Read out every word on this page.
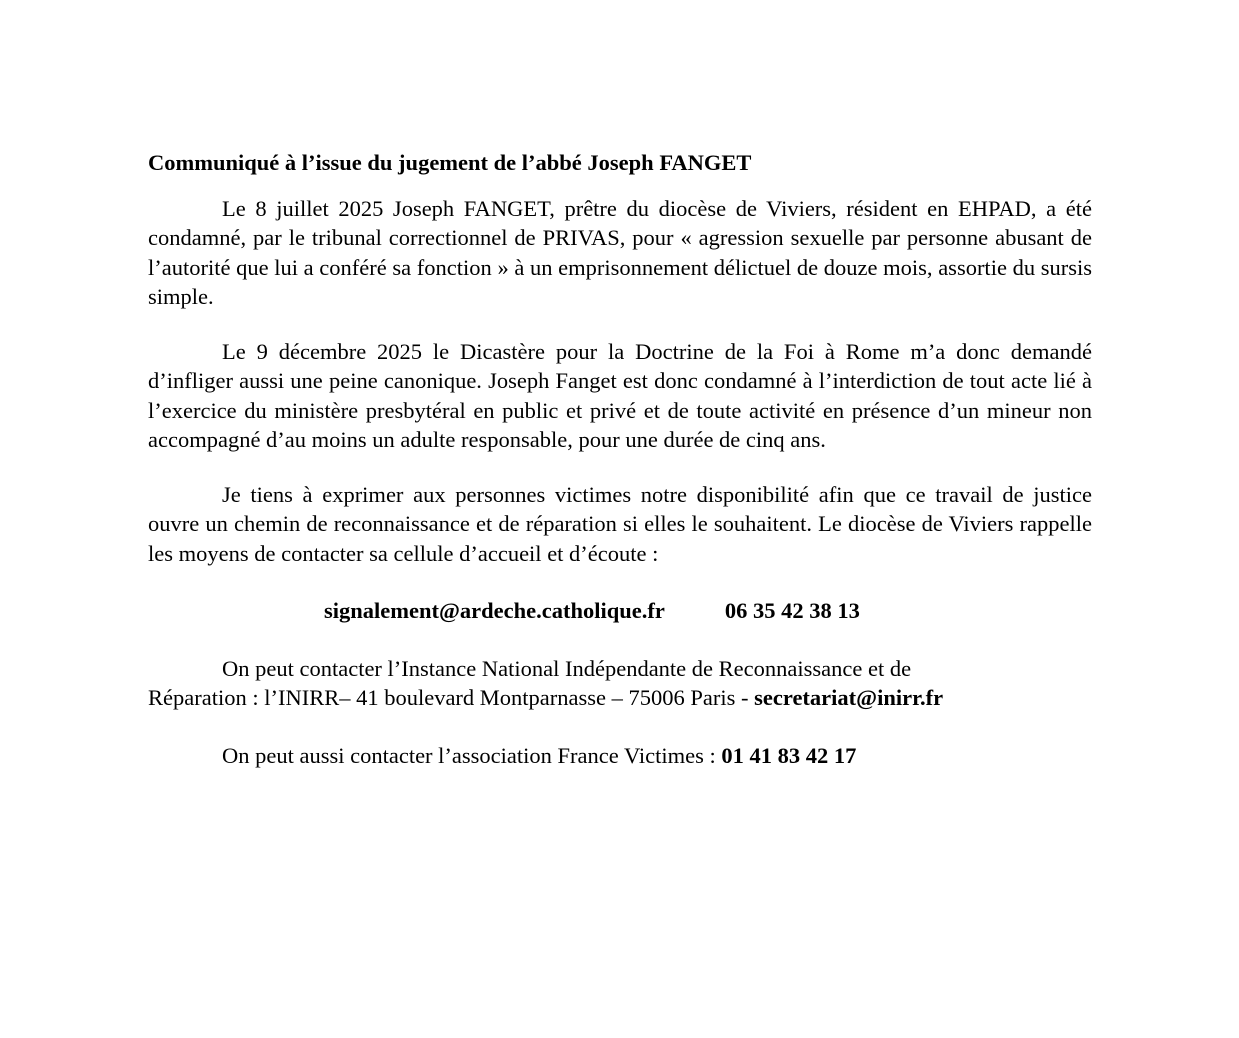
Communiqué à l’issue du jugement de l’abbé Joseph FANGET

Le 8 juillet 2025 Joseph FANGET, prêtre du diocèse de Viviers, résident en EHPAD, a été condamné, par le tribunal correctionnel de PRIVAS, pour « agression sexuelle par personne abusant de l’autorité que lui a conféré sa fonction » à un emprisonnement délictuel de douze mois, assortie du sursis simple.

Le 9 décembre 2025 le Dicastère pour la Doctrine de la Foi à Rome m’a donc demandé d’infliger aussi une peine canonique. Joseph Fanget est donc condamné à l’interdiction de tout acte lié à l’exercice du ministère presbytéral en public et privé et de toute activité en présence d’un mineur non accompagné d’au moins un adulte responsable, pour une durée de cinq ans.

Je tiens à exprimer aux personnes victimes notre disponibilité afin que ce travail de justice ouvre un chemin de reconnaissance et de réparation si elles le souhaitent. Le diocèse de Viviers rappelle les moyens de contacter sa cellule d’accueil et d’écoute :

signalement@ardeche.catholique.fr	06 35 42 38 13
On peut contacter l’Instance National Indépendante de Reconnaissance et de
Réparation : l’INIRR– 41 boulevard Montparnasse – 75006 Paris - secretariat@inirr.fr
On peut aussi contacter l’association France Victimes : 01 41 83 42 17
